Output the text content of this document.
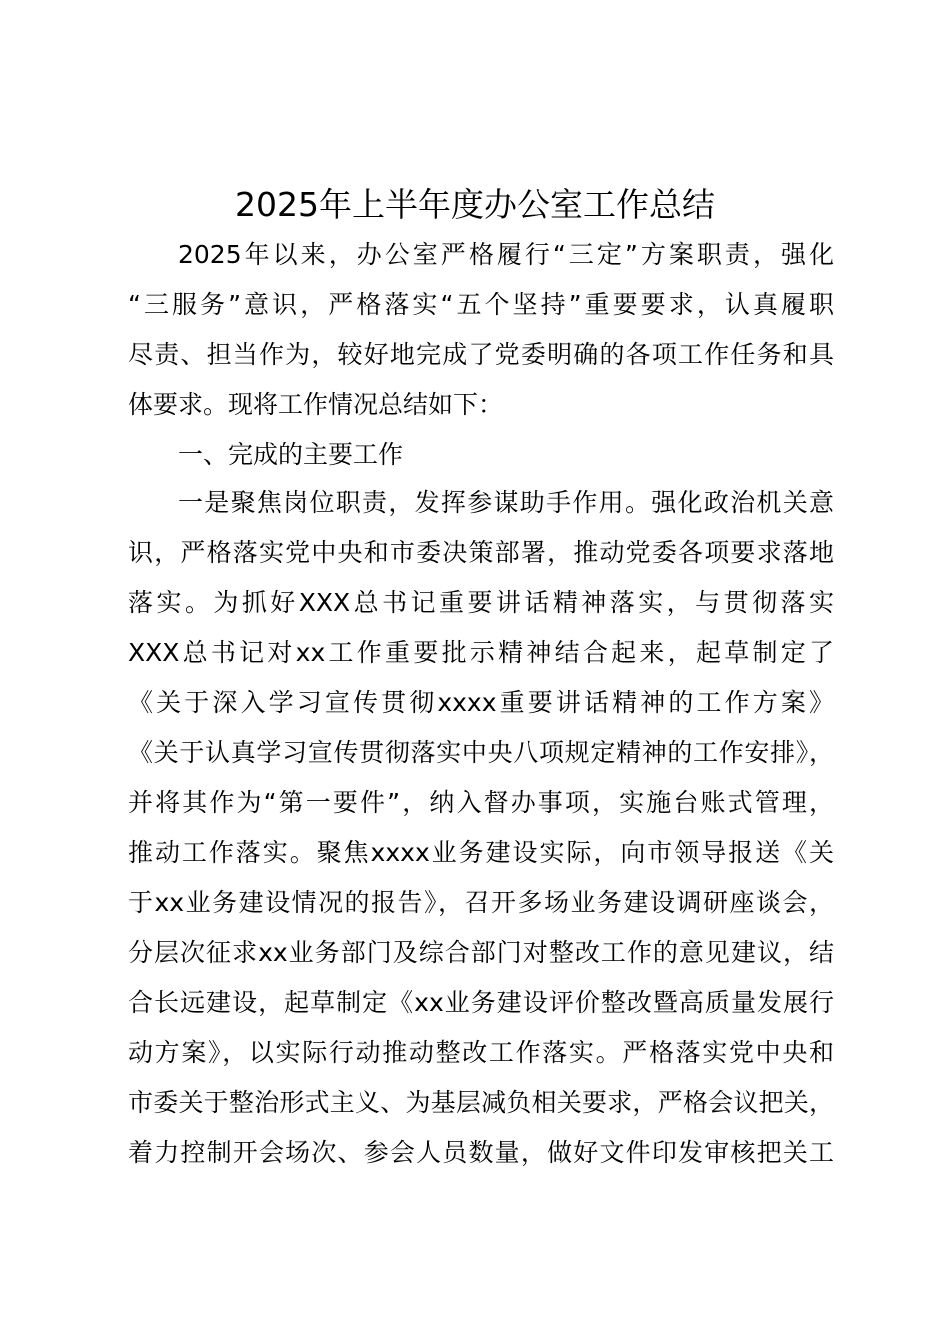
2025年上半年度办公室工作总结
2025年以来，办公室严格履行“三定”方案职责，强化
“三服务”意识，严格落实“五个坚持”重要要求，认真履职
尽责、担当作为，较好地完成了党委明确的各项工作任务和具
体要求。现将工作情况总结如下：
一、完成的主要工作
一是聚焦岗位职责，发挥参谋助手作用。强化政治机关意
识，严格落实党中央和市委决策部署，推动党委各项要求落地
落实。为抓好XXX总书记重要讲话精神落实，与贯彻落实
XXX总书记对xx工作重要批示精神结合起来，起草制定了
《关于深入学习宣传贯彻xxxx重要讲话精神的工作方案》
《关于认真学习宣传贯彻落实中央八项规定精神的工作安排》，
并将其作为“第一要件”，纳入督办事项，实施台账式管理，
推动工作落实。聚焦xxxx业务建设实际，向市领导报送《关
于xx业务建设情况的报告》，召开多场业务建设调研座谈会，
分层次征求xx业务部门及综合部门对整改工作的意见建议，结
合长远建设，起草制定《xx业务建设评价整改暨高质量发展行
动方案》，以实际行动推动整改工作落实。严格落实党中央和
市委关于整治形式主义、为基层减负相关要求，严格会议把关，
着力控制开会场次、参会人员数量，做好文件印发审核把关工
